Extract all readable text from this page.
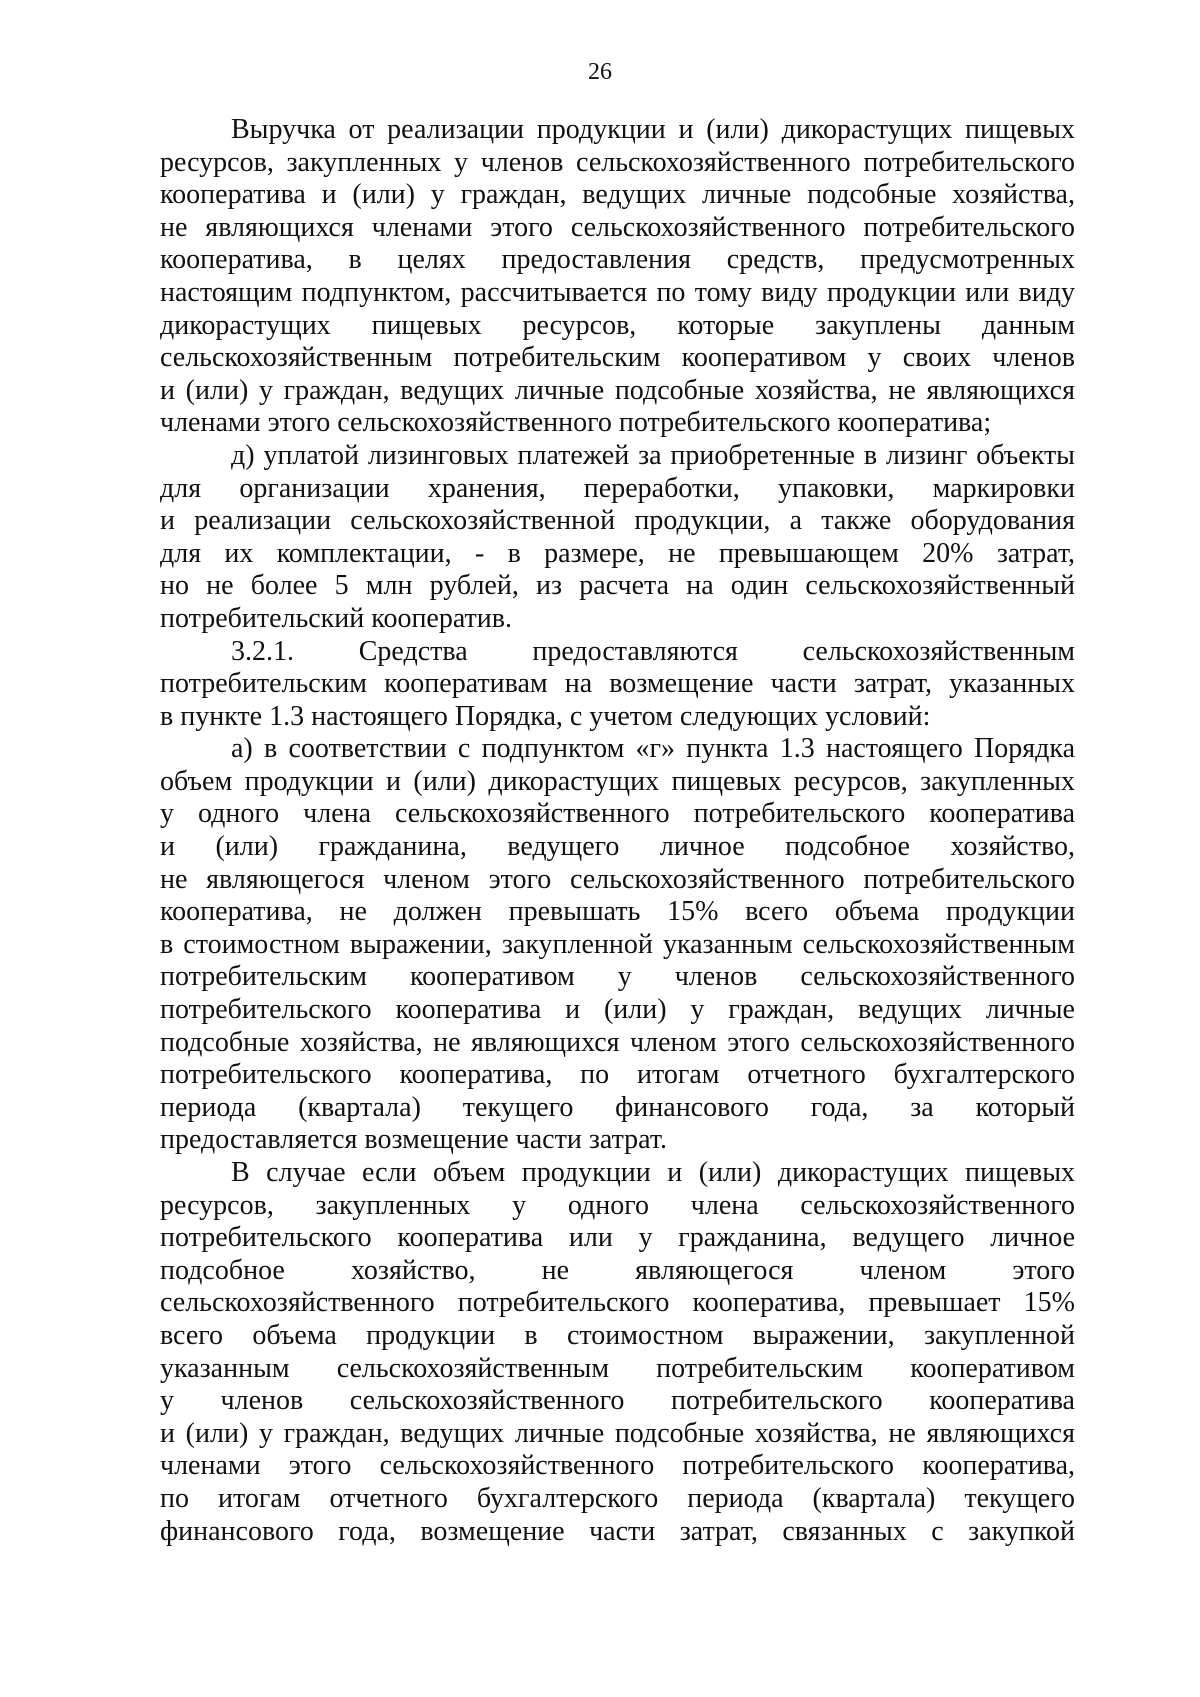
26

Выручка от реализации продукции и (или) дикорастущих пищевых
ресурсов, закупленных у членов сельскохозяйственного потребительского
кооператива и (или) у граждан, ведущих личные подсобные хозяйства,
не являющихся членами этого сельскохозяйственного потребительского
кооператива, в целях предоставления средств, предусмотренных
настоящим подпунктом, рассчитывается по тому виду продукции или виду
дикорастущих пищевых ресурсов, которые закуплены данным
сельскохозяйственным потребительским кооперативом у своих членов
и (или) у граждан, ведущих личные подсобные хозяйства, не являющихся
членами этого сельскохозяйственного потребительского кооператива;

д) уплатой лизинговых платежей за приобретенные в лизинг объекты
для организации хранения, переработки, упаковки, маркировки
и реализации сельскохозяйственной продукции, а также оборудования
для их комплектации, - в размере, не превышающем 20% затрат,
но не более 5 млн рублей, из расчета на один сельскохозяйственный
потребительский кооператив.

3.2.1. Средства предоставляются сельскохозяйственным
потребительским кооперативам на возмещение части затрат, указанных
в пункте 1.3 настоящего Порядка, с учетом следующих условий:

а) в соответствии с подпунктом «г» пункта 1.3 настоящего Порядка
объем продукции и (или) дикорастущих пищевых ресурсов, закупленных
у одного члена сельскохозяйственного потребительского кооператива
и (или) гражданина, ведущего личное подсобное хозяйство,
не являющегося членом этого сельскохозяйственного потребительского
кооператива, не должен превышать 15% всего объема продукции
в стоимостном выражении, закупленной указанным сельскохозяйственным
потребительским кооперативом у членов сельскохозяйственного
потребительского кооператива и (или) у граждан, ведущих личные
подсобные хозяйства, не являющихся членом этого сельскохозяйственного
потребительского кооператива, по итогам отчетного бухгалтерского
периода (квартала) текущего финансового года, за который
предоставляется возмещение части затрат.

В случае если объем продукции и (или) дикорастущих пищевых
ресурсов, закупленных у одного члена сельскохозяйственного
потребительского кооператива или у гражданина, ведущего личное
подсобное хозяйство, не являющегося членом этого
сельскохозяйственного потребительского кооператива, превышает 15%
всего объема продукции в стоимостном выражении, закупленной
указанным сельскохозяйственным потребительским кооперативом
у членов сельскохозяйственного потребительского кооператива
и (или) у граждан, ведущих личные подсобные хозяйства, не являющихся
членами этого сельскохозяйственного потребительского кооператива,
по итогам отчетного бухгалтерского периода (квартала) текущего
финансового года, возмещение части затрат, связанных с закупкой
